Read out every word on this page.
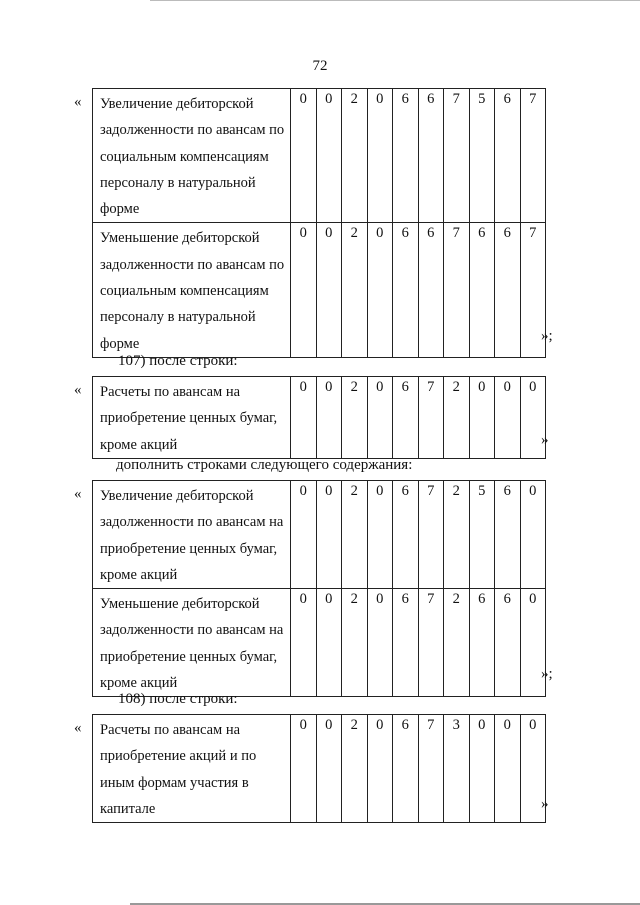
72
« Увеличение дебиторской задолженности по авансам по социальным компенсациям персоналу в натуральной форме	0	0	2	0	6	6	7	5	6	7
Уменьшение дебиторской задолженности по авансам по социальным компенсациям персоналу в натуральной форме	0	0	2	0	6	6	7	6	6	7
»;
107) после строки:
« Расчеты по авансам на приобретение ценных бумаг, кроме акций	0	0	2	0	6	7	2	0	0	0
»
дополнить строками следующего содержания:
« Увеличение дебиторской задолженности по авансам на приобретение ценных бумаг, кроме акций	0	0	2	0	6	7	2	5	6	0
Уменьшение дебиторской задолженности по авансам на приобретение ценных бумаг, кроме акций	0	0	2	0	6	7	2	6	6	0
»;
108) после строки:
« Расчеты по авансам на приобретение акций и по иным формам участия в капитале	0	0	2	0	6	7	3	0	0	0
»
